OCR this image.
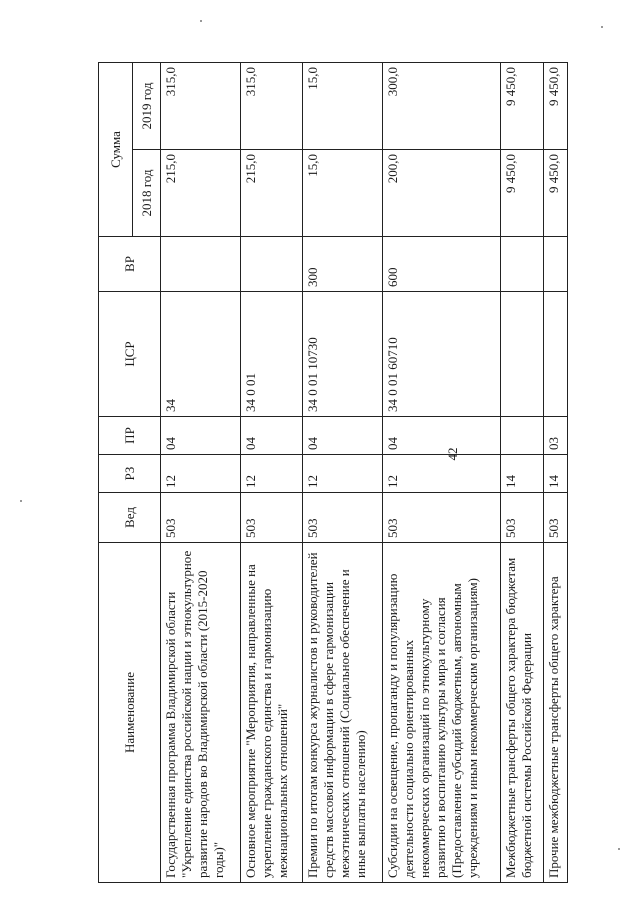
42
Наименование	Вед	РЗ	ПР	ЦСР	ВР	Сумма	
						2018 год	2019 год
Государственная программа Владимирской области "Укрепление единства российской нации и этнокультурное развитие народов во Владимирской области (2015-2020 годы)"	503	12	04	34		215,0	315,0
Основное мероприятие "Мероприятия, направленные на укрепление гражданского единства и гармонизацию межнациональных отношений"	503	12	04	34 0 01		215,0	315,0
Премии по итогам конкурса журналистов и руководителей средств массовой информации в сфере гармонизации межэтнических отношений (Социальное обеспечение и иные выплаты населению)	503	12	04	34 0 01 10730	300	15,0	15,0
Субсидии на освещение, пропаганду и популяризацию деятельности социально ориентированных некоммерческих организаций по этнокультурному развитию и воспитанию культуры мира и согласия (Предоставление субсидий бюджетным, автономным учреждениям и иным некоммерческим организациям)	503	12	04	34 0 01 60710	600	200,0	300,0
Межбюджетные трансферты общего характера бюджетам бюджетной системы Российской Федерации	503	14				9 450,0	9 450,0
Прочие межбюджетные трансферты общего характера	503	14	03			9 450,0	9 450,0
